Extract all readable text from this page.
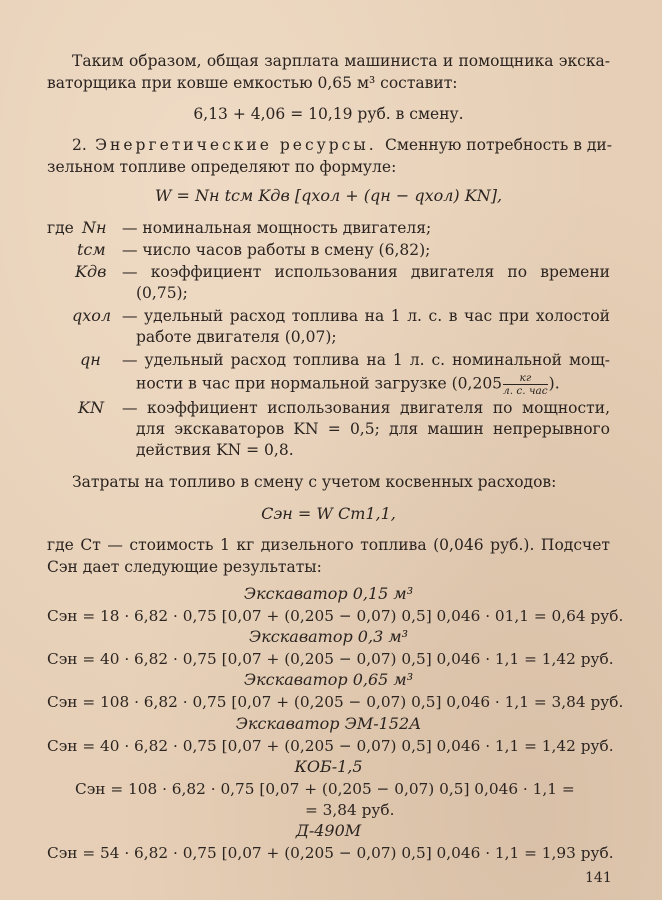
Таким образом, общая зарплата машиниста и помощника экска-
ваторщика при ковше емкостью 0,65 м³ составит:
6,13 + 4,06 = 10,19 руб. в смену.
2. Энергетические ресурсы. Сменную потребность в ди-
зельном топливе определяют по формуле:
W = Nн tсм Kдв [qхол + (qн − qхол) KN],
где Nн — номинальная мощность двигателя;
tсм — число часов работы в смену (6,82);
Kдв — коэффициент использования двигателя по времени
(0,75);
qхол — удельный расход топлива на 1 л. с. в час при холостой
работе двигателя (0,07);
qн — удельный расход топлива на 1 л. с. номинальной мощ-
ности в час при нормальной загрузке ($0,205 \frac{кг}{\text{л. с. час}}$ ).
KN — коэффициент использования двигателя по мощности,
для экскаваторов KN = 0,5; для машин непрерывного
действия KN = 0,8.
Затраты на топливо в смену с учетом косвенных расходов:
Cэн = W Cт1,1,
где Cт — стоимость 1 кг дизельного топлива (0,046 руб.). Подсчет
Cэн дает следующие результаты:
Экскаватор 0,15 м³
Cэн = 18 · 6,82 · 0,75 [0,07 + (0,205 − 0,07) 0,5] 0,046 · 01,1 = 0,64 руб.
Экскаватор 0,3 м³
Cэн = 40 · 6,82 · 0,75 [0,07 + (0,205 − 0,07) 0,5] 0,046 · 1,1 = 1,42 руб.
Экскаватор 0,65 м³
Cэн = 108 · 6,82 · 0,75 [0,07 + (0,205 − 0,07) 0,5] 0,046 · 1,1 = 3,84 руб.
Экскаватор ЭМ-152А
Cэн = 40 · 6,82 · 0,75 [0,07 + (0,205 − 0,07) 0,5] 0,046 · 1,1 = 1,42 руб.
КОБ-1,5
Cэн = 108 · 6,82 · 0,75 [0,07 + (0,205 − 0,07) 0,5] 0,046 · 1,1 =
= 3,84 руб.
Д-490М
Cэн = 54 · 6,82 · 0,75 [0,07 + (0,205 − 0,07) 0,5] 0,046 · 1,1 = 1,93 руб.
141
